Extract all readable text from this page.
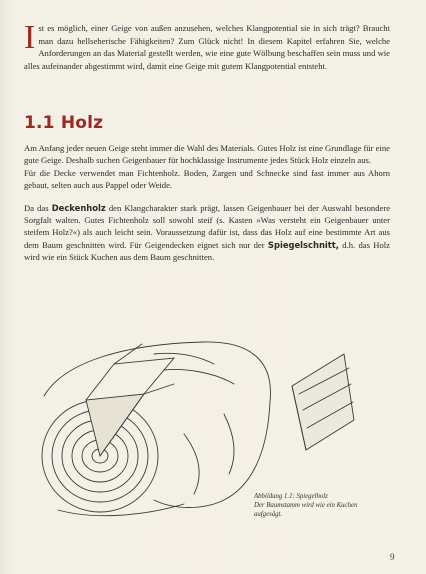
Ist es möglich, einer Geige von außen anzusehen, welches Klangpotential sie in sich trägt? Braucht man dazu hellseherische Fähigkeiten? Zum Glück nicht! In diesem Kapitel erfahren Sie, welche Anforderungen an das Material gestellt werden, wie eine gute Wölbung beschaffen sein muss und wie alles aufeinander abgestimmt wird, damit eine Geige mit gutem Klangpotential entsteht.
1.1 Holz

Am Anfang jeder neuen Geige steht immer die Wahl des Materials. Gutes Holz ist eine Grundlage für eine gute Geige. Deshalb suchen Geigenbauer für hochklassige Instrumente jedes Stück Holz einzeln aus.

Für die Decke verwendet man Fichtenholz. Boden, Zargen und Schnecke sind fast immer aus Ahorn gebaut, selten auch aus Pappel oder Weide.

Da das Deckenholz den Klangcharakter stark prägt, lassen Geigenbauer bei der Auswahl besondere Sorgfalt walten. Gutes Fichtenholz soll sowohl steif (s. Kasten »Was versteht ein Geigenbauer unter steifem Holz?«) als auch leicht sein. Voraussetzung dafür ist, dass das Holz auf eine bestimmte Art aus dem Baum geschnitten wird. Für Geigendecken eignet sich nur der Spiegelschnitt, d.h. das Holz wird wie ein Stück Kuchen aus dem Baum geschnitten.

Abbildung 1.1: Spiegelholz
Der Baumstamm wird wie ein Kuchen aufgesägt.
9
